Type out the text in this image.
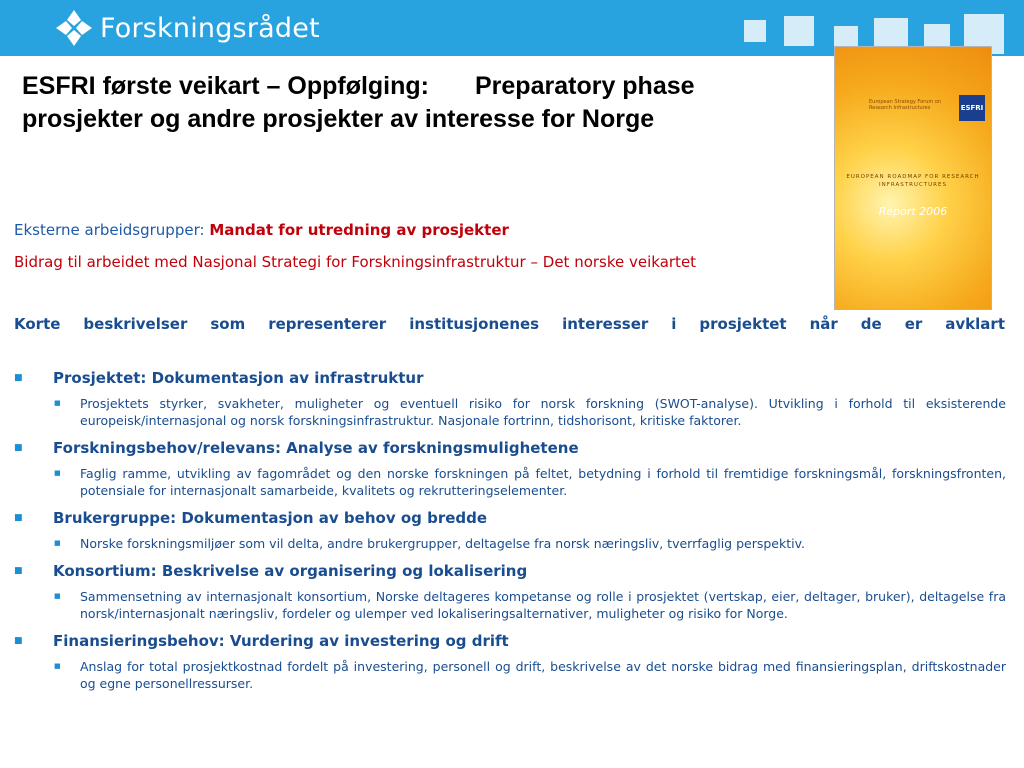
Forskningsrådet
ESFRI første veikart – Oppfølging: Preparatory phase
prosjekter og andre prosjekter av interesse for Norge	ESFRI
European Strategy Forum on Research Infrastructures
EUROPEAN ROADMAP FOR RESEARCH INFRASTRUCTURES
Report 2006
Eksterne arbeidsgrupper: Mandat for utredning av prosjekter
Bidrag til arbeidet med Nasjonal Strategi for Forskningsinfrastruktur – Det norske veikartet
Korte beskrivelser som representerer institusjonenes interesser i prosjektet når de er avklart
■	Prosjektet: Dokumentasjon av infrastruktur
■	Prosjektets styrker, svakheter, muligheter og eventuell risiko for norsk forskning (SWOT-analyse). Utvikling i forhold til eksisterende europeisk/internasjonal og norsk forskningsinfrastruktur. Nasjonale fortrinn, tidshorisont, kritiske faktorer.
■	Forskningsbehov/relevans: Analyse av forskningsmulighetene
■	Faglig ramme, utvikling av fagområdet og den norske forskningen på feltet, betydning i forhold til fremtidige forskningsmål, forskningsfronten, potensiale for internasjonalt samarbeide, kvalitets og rekrutteringselementer.
■	Brukergruppe: Dokumentasjon av behov og bredde
■	Norske forskningsmiljøer som vil delta, andre brukergrupper, deltagelse fra norsk næringsliv, tverrfaglig perspektiv.
■	Konsortium: Beskrivelse av organisering og lokalisering
■	Sammensetning av internasjonalt konsortium, Norske deltageres kompetanse og rolle i prosjektet (vertskap, eier, deltager, bruker), deltagelse fra norsk/internasjonalt næringsliv, fordeler og ulemper ved lokaliseringsalternativer, muligheter og risiko for Norge.
■	Finansieringsbehov: Vurdering av investering og drift
■	Anslag for total prosjektkostnad fordelt på investering, personell og drift, beskrivelse av det norske bidrag med finansieringsplan, driftskostnader og egne personellressurser.
